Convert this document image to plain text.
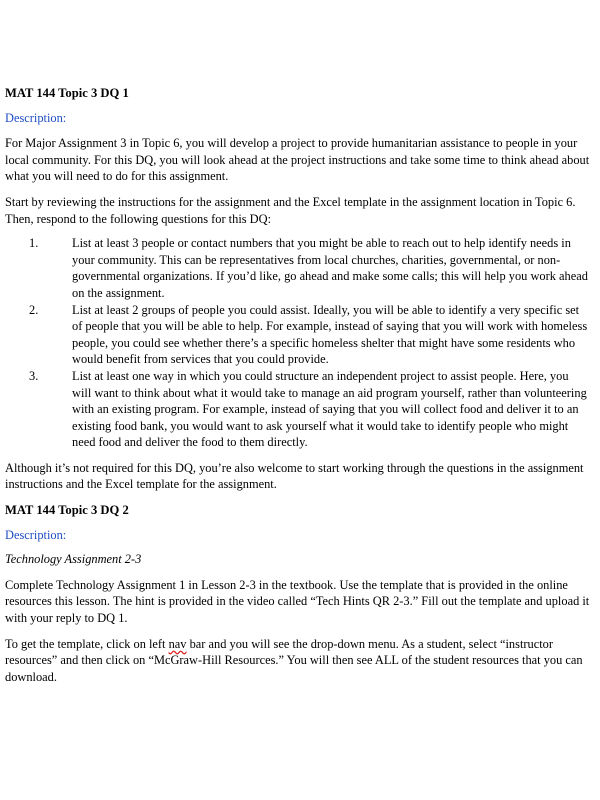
MAT 144 Topic 3 DQ 1

Description:

For Major Assignment 3 in Topic 6, you will develop a project to provide humanitarian assistance to people in your local community. For this DQ, you will look ahead at the project instructions and take some time to think ahead about what you will need to do for this assignment.

Start by reviewing the instructions for the assignment and the Excel template in the assignment location in Topic 6. Then, respond to the following questions for this DQ:

1.	List at least 3 people or contact numbers that you might be able to reach out to help identify needs in your community. This can be representatives from local churches, charities, governmental, or non-governmental organizations. If you’d like, go ahead and make some calls; this will help you work ahead on the assignment.
2.	List at least 2 groups of people you could assist. Ideally, you will be able to identify a very specific set of people that you will be able to help. For example, instead of saying that you will work with homeless people, you could see whether there’s a specific homeless shelter that might have some residents who would benefit from services that you could provide.
3.	List at least one way in which you could structure an independent project to assist people. Here, you will want to think about what it would take to manage an aid program yourself, rather than volunteering with an existing program. For example, instead of saying that you will collect food and deliver it to an existing food bank, you would want to ask yourself what it would take to identify people who might need food and deliver the food to them directly.

Although it’s not required for this DQ, you’re also welcome to start working through the questions in the assignment instructions and the Excel template for the assignment.

MAT 144 Topic 3 DQ 2

Description:

Technology Assignment 2-3

Complete Technology Assignment 1 in Lesson 2-3 in the textbook. Use the template that is provided in the online resources this lesson. The hint is provided in the video called “Tech Hints QR 2-3.” Fill out the template and upload it with your reply to DQ 1.

To get the template, click on left nav bar and you will see the drop-down menu. As a student, select “instructor resources” and then click on “McGraw-Hill Resources.” You will then see ALL of the student resources that you can download.
